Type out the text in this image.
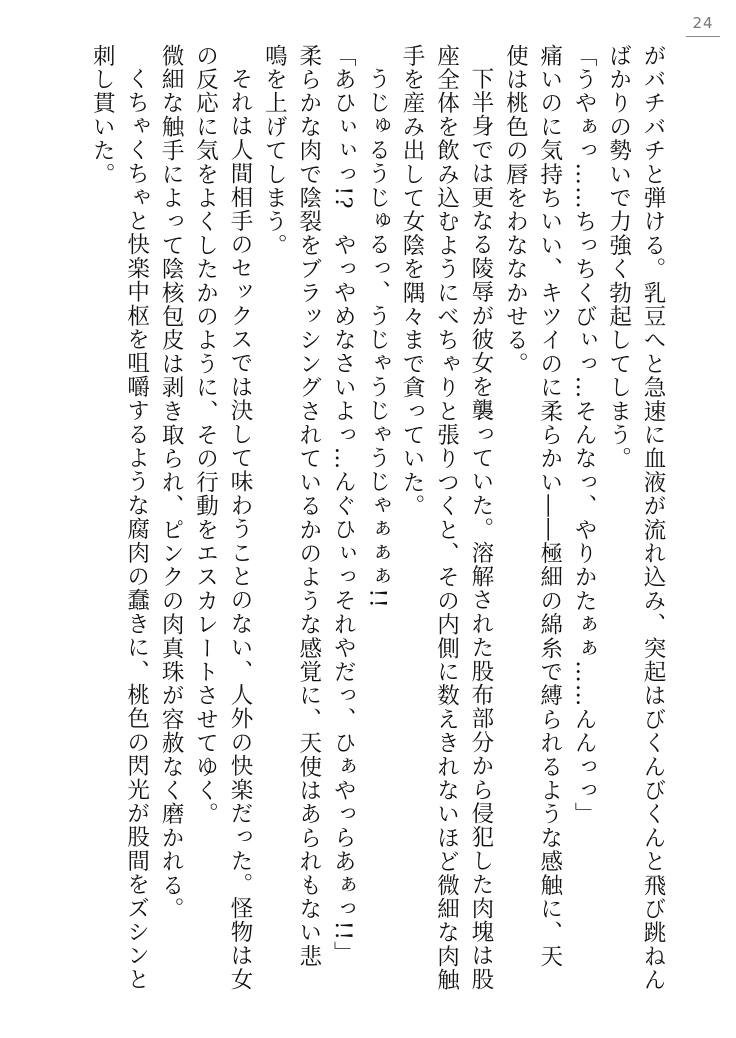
24

がバチバチと弾ける。乳豆へと急速に血液が流れ込み、突起はびくんびくんと飛び跳ねん

ばかりの勢いで力強く勃起してしまう。

「うやぁっ……ちっちくびぃっ…そんなっ、やりかたぁぁ……んんっっ」

痛いのに気持ちいい、キツイのに柔らかい――極細の綿糸で縛られるような感触に、天

使は桃色の唇をわななかせる。

下半身では更なる陵辱が彼女を襲っていた。溶解された股布部分から侵犯した肉塊は股

座全体を飲み込むようにべちゃりと張りつくと、その内側に数えきれないほど微細な肉触

手を産み出して女陰を隅々まで貪っていた。

うじゅるうじゅるっ、うじゃうじゃうじゃぁぁぁ!!

「あひぃぃっ!?　やっやめなさいよっ…んぐひぃっそれやだっ、ひぁやっらあぁっ!!」

柔らかな肉で陰裂をブラッシングされているかのような感覚に、天使はあられもない悲

鳴を上げてしまう。

それは人間相手のセックスでは決して味わうことのない、人外の快楽だった。怪物は女

の反応に気をよくしたかのように、その行動をエスカレートさせてゆく。

微細な触手によって陰核包皮は剥き取られ、ピンクの肉真珠が容赦なく磨かれる。

くちゃくちゃと快楽中枢を咀嚼するような腐肉の蠢きに、桃色の閃光が股間をズシンと

刺し貫いた。
